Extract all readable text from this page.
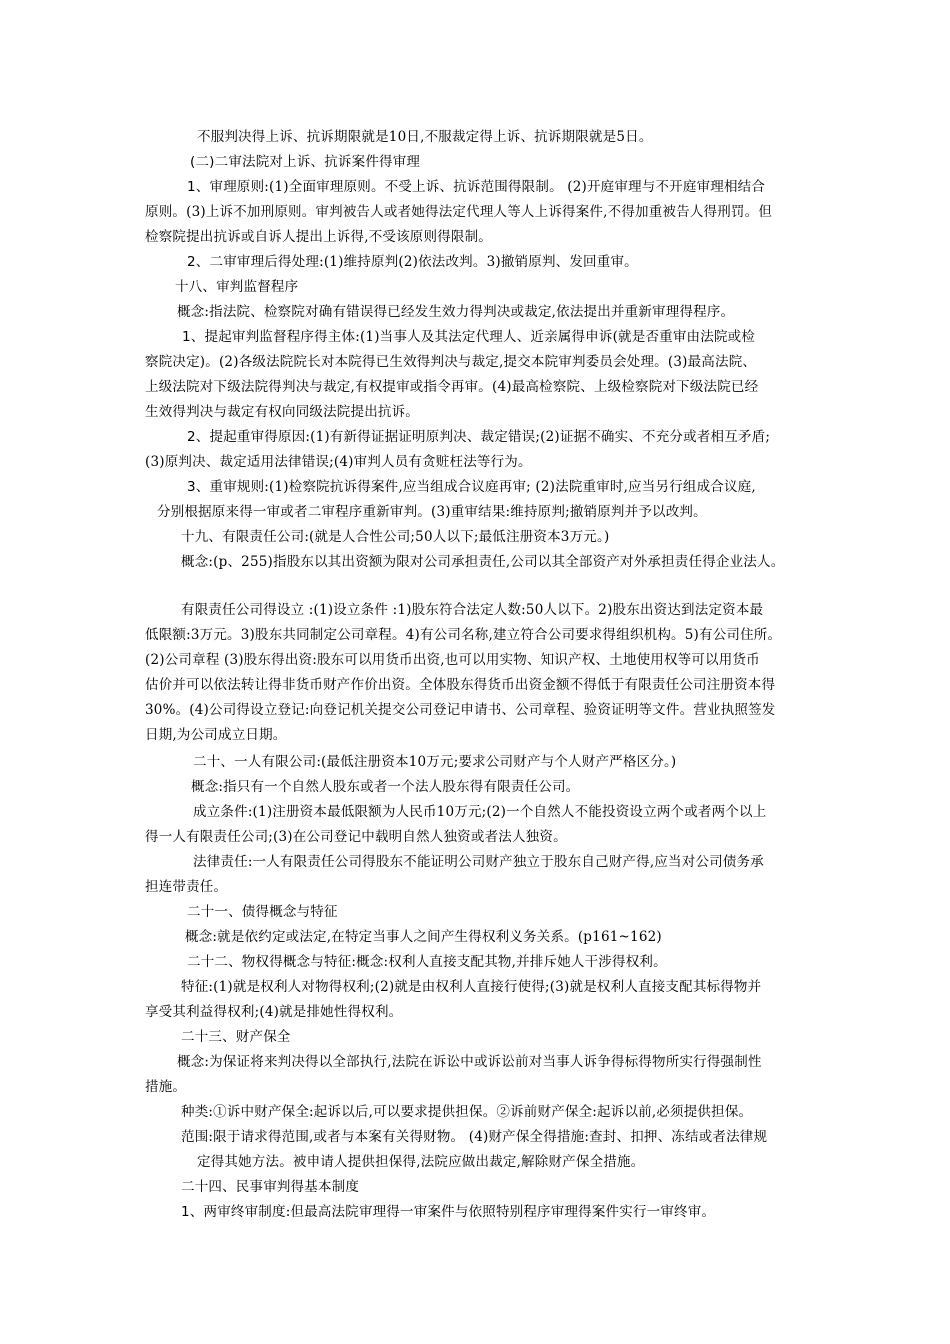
不服判决得上诉、抗诉期限就是10日,不服裁定得上诉、抗诉期限就是5日。
(二)二审法院对上诉、抗诉案件得审理
1、审理原则:(1)全面审理原则。不受上诉、抗诉范围得限制。 (2)开庭审理与不开庭审理相结合
原则。(3)上诉不加刑原则。审判被告人或者她得法定代理人等人上诉得案件,不得加重被告人得刑罚。但
检察院提出抗诉或自诉人提出上诉得,不受该原则得限制。
2、二审审理后得处理:(1)维持原判(2)依法改判。3)撤销原判、发回重审。
十八、审判监督程序
概念:指法院、检察院对确有错误得已经发生效力得判决或裁定,依法提出并重新审理得程序。
1、提起审判监督程序得主体:(1)当事人及其法定代理人、近亲属得申诉(就是否重审由法院或检
察院决定)。(2)各级法院院长对本院得已生效得判决与裁定,提交本院审判委员会处理。(3)最高法院、
上级法院对下级法院得判决与裁定,有权提审或指令再审。(4)最高检察院、上级检察院对下级法院已经
生效得判决与裁定有权向同级法院提出抗诉。
2、提起重审得原因:(1)有新得证据证明原判决、裁定错误;(2)证据不确实、不充分或者相互矛盾;
(3)原判决、裁定适用法律错误;(4)审判人员有贪赃枉法等行为。
3、重审规则:(1)检察院抗诉得案件,应当组成合议庭再审; (2)法院重审时,应当另行组成合议庭,
分别根据原来得一审或者二审程序重新审判。(3)重审结果:维持原判;撤销原判并予以改判。
十九、有限责任公司:(就是人合性公司;50人以下;最低注册资本3万元。)
概念:(p、255)指股东以其出资额为限对公司承担责任,公司以其全部资产对外承担责任得企业法人。
有限责任公司得设立 :(1)设立条件 :1)股东符合法定人数:50人以下。2)股东出资达到法定资本最
低限额:3万元。3)股东共同制定公司章程。4)有公司名称,建立符合公司要求得组织机构。5)有公司住所。
(2)公司章程 (3)股东得出资:股东可以用货币出资,也可以用实物、知识产权、土地使用权等可以用货币
估价并可以依法转让得非货币财产作价出资。全体股东得货币出资金额不得低于有限责任公司注册资本得
30%。(4)公司得设立登记:向登记机关提交公司登记申请书、公司章程、验资证明等文件。营业执照签发
日期,为公司成立日期。
二十、一人有限公司:(最低注册资本10万元;要求公司财产与个人财产严格区分。)
概念:指只有一个自然人股东或者一个法人股东得有限责任公司。
成立条件:(1)注册资本最低限额为人民币10万元;(2)一个自然人不能投资设立两个或者两个以上
得一人有限责任公司;(3)在公司登记中载明自然人独资或者法人独资。
法律责任:一人有限责任公司得股东不能证明公司财产独立于股东自己财产得,应当对公司债务承
担连带责任。
二十一、债得概念与特征
概念:就是依约定或法定,在特定当事人之间产生得权利义务关系。(p161~162)
二十二、物权得概念与特征:概念:权利人直接支配其物,并排斥她人干涉得权利。
特征:(1)就是权利人对物得权利;(2)就是由权利人直接行使得;(3)就是权利人直接支配其标得物并
享受其利益得权利;(4)就是排她性得权利。
二十三、财产保全
概念:为保证将来判决得以全部执行,法院在诉讼中或诉讼前对当事人诉争得标得物所实行得强制性
措施。
种类:①诉中财产保全:起诉以后,可以要求提供担保。②诉前财产保全:起诉以前,必须提供担保。
范围:限于请求得范围,或者与本案有关得财物。 (4)财产保全得措施:查封、扣押、冻结或者法律规
定得其她方法。被申请人提供担保得,法院应做出裁定,解除财产保全措施。
二十四、民事审判得基本制度
1、两审终审制度:但最高法院审理得一审案件与依照特别程序审理得案件实行一审终审。
